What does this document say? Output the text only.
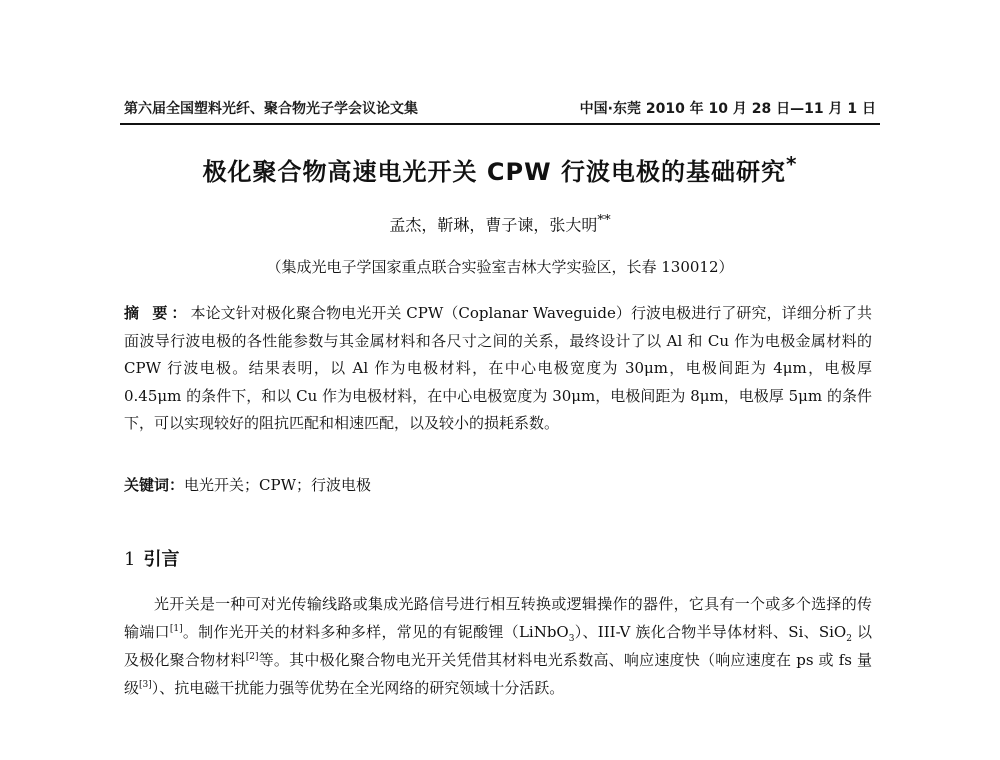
第六届全国塑料光纤、聚合物光子学会议论文集	中国·东莞 2010 年 10 月 28 日—11 月 1 日
极化聚合物高速电光开关 CPW 行波电极的基础研究*
孟杰，靳琳，曹子谏，张大明**
（集成光电子学国家重点联合实验室吉林大学实验区，长春 130012）
摘 要：本论文针对极化聚合物电光开关 CPW（Coplanar Waveguide）行波电极进行了研究，详细分析了共面波导行波电极的各性能参数与其金属材料和各尺寸之间的关系，最终设计了以 Al 和 Cu 作为电极金属材料的 CPW 行波电极。结果表明，以 Al 作为电极材料，在中心电极宽度为 30μm，电极间距为 4μm，电极厚 0.45μm 的条件下，和以 Cu 作为电极材料，在中心电极宽度为 30μm，电极间距为 8μm，电极厚 5μm 的条件下，可以实现较好的阻抗匹配和相速匹配，以及较小的损耗系数。
关键词：电光开关；CPW；行波电极
1 引言
光开关是一种可对光传输线路或集成光路信号进行相互转换或逻辑操作的器件，它具有一个或多个选择的传输端口[1]。制作光开关的材料多种多样，常见的有铌酸锂（LiNbO$_3$）、III-V 族化合物半导体材料、Si、SiO$_2$ 以及极化聚合物材料[2]等。其中极化聚合物电光开关凭借其材料电光系数高、响应速度快（响应速度在 ps 或 fs 量级[3]）、抗电磁干扰能力强等优势在全光网络的研究领域十分活跃。
